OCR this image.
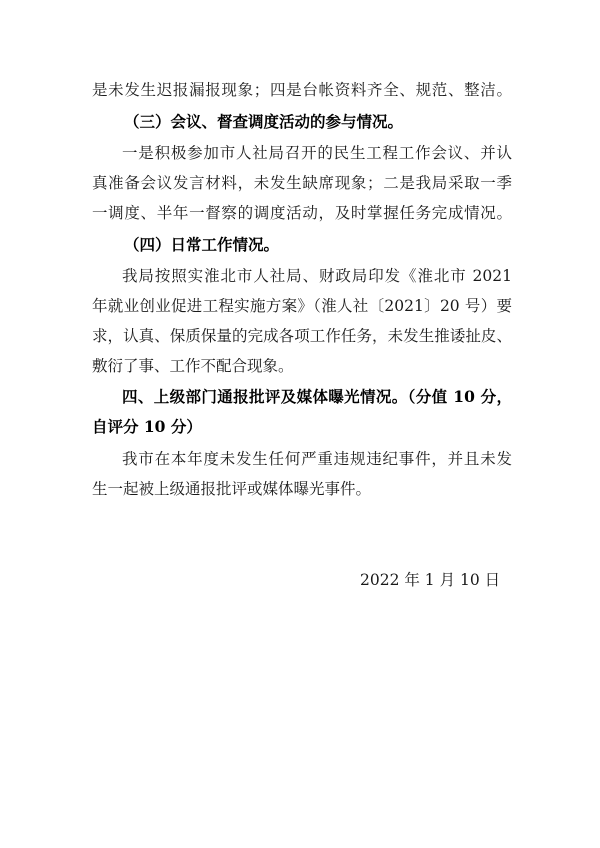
是未发生迟报漏报现象；四是台帐资料齐全、规范、整洁。
（三）会议、督查调度活动的参与情况。
一是积极参加市人社局召开的民生工程工作会议、并认
真准备会议发言材料，未发生缺席现象；二是我局采取一季
一调度、半年一督察的调度活动，及时掌握任务完成情况。
（四）日常工作情况。
我局按照实淮北市人社局、财政局印发《淮北市 2021
年就业创业促进工程实施方案》（淮人社〔2021〕20 号）要
求，认真、保质保量的完成各项工作任务，未发生推诿扯皮、
敷衍了事、工作不配合现象。
四、上级部门通报批评及媒体曝光情况。（分值 10 分，
自评分 10 分）
我市在本年度未发生任何严重违规违纪事件，并且未发
生一起被上级通报批评或媒体曝光事件。
2022 年 1 月 10 日
